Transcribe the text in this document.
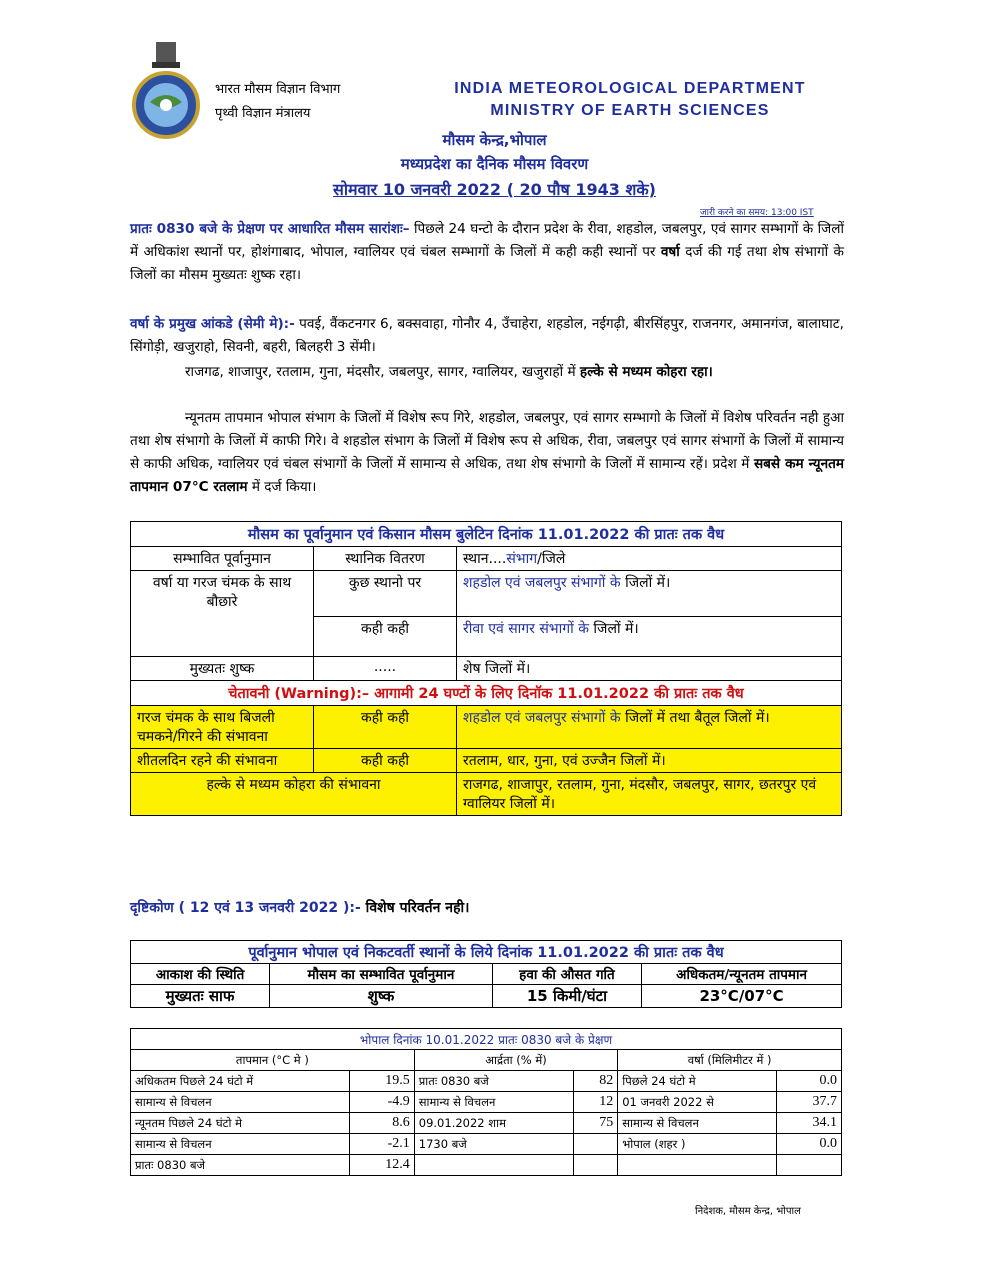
भारत मौसम विज्ञान विभाग
पृथ्वी विज्ञान मंत्रालय
INDIA METEOROLOGICAL DEPARTMENT
MINISTRY OF EARTH SCIENCES
मौसम केन्द्र,भोपाल
मध्यप्रदेश का दैनिक मौसम विवरण
सोमवार 10 जनवरी 2022 ( 20 पौष 1943 शके)
जारी करने का समय: 13:00 IST
प्रातः 0830 बजे के प्रेक्षण पर आधारित मौसम सारांशः– पिछले 24 घन्टो के दौरान प्रदेश के रीवा, शहडोल, जबलपुर, एवं सागर सम्भागों के जिलों में अधिकांश स्थानों पर, होशंगाबाद, भोपाल, ग्वालियर एवं चंबल सम्भागों के जिलों में कही कही स्थानों पर वर्षा दर्ज की गई तथा शेष संभागों के जिलों का मौसम मुख्यतः शुष्क रहा।
वर्षा के प्रमुख आंकडे (सेमी मे):- पवई, वैंकटनगर 6, बक्सवाहा, गोनौर 4, उँचाहेरा, शहडोल, नईगढ़ी, बीरसिंहपुर, राजनगर, अमानगंज, बालाघाट, सिंगोड़ी, खजुराहो, सिवनी, बहरी, बिलहरी 3 सेंमी।
राजगढ, शाजापुर, रतलाम, गुना, मंदसौर, जबलपुर, सागर, ग्वालियर, खजुराहों में हल्के से मध्यम कोहरा रहा।
न्यूनतम तापमान भोपाल संभाग के जिलों में विशेष रूप गिरे, शहडोल, जबलपुर, एवं सागर सम्भागो के जिलों में विशेष परिवर्तन नही हुआ तथा शेष संभागो के जिलों में काफी गिरे। वे शहडोल संभाग के जिलों में विशेष रूप से अधिक, रीवा, जबलपुर एवं सागर संभागों के जिलों में सामान्य से काफी अधिक, ग्वालियर एवं चंबल संभागों के जिलों में सामान्य से अधिक, तथा शेष संभागो के जिलों में सामान्य रहें। प्रदेश में सबसे कम न्यूनतम तापमान 07°C रतलाम में दर्ज किया।
मौसम का पूर्वानुमान एवं किसान मौसम बुलेटिन दिनांक 11.01.2022 की प्रातः तक वैध		
सम्भावित पूर्वानुमान	स्थानिक वितरण	स्थान....संभाग/जिले
वर्षा या गरज चंमक के साथ बौछारे	कुछ स्थानो पर	शहडोल एवं जबलपुर संभागों के जिलों में।
	कही कही	रीवा एवं सागर संभागों के जिलों में।
मुख्यतः शुष्क	.....	शेष जिलों में।
चेतावनी (Warning):– आगामी 24 घण्टों के लिए दिनॉक 11.01.2022 की प्रातः तक वैध		
गरज चंमक के साथ बिजली चमकने/गिरने की संभावना	कही कही	शहडोल एवं जबलपुर संभागों के जिलों में तथा बैतूल जिलों में।
शीतलदिन रहने की संभावना	कही कही	रतलाम, धार, गुना, एवं उज्जैन जिलों में।
हल्के से मध्यम कोहरा की संभावना		राजगढ, शाजापुर, रतलाम, गुना, मंदसौर, जबलपुर, सागर, छतरपुर एवं ग्वालियर जिलों में।
दृष्टिकोण ( 12 एवं 13 जनवरी 2022 ):- विशेष परिवर्तन नही।
पूर्वानुमान भोपाल एवं निकटवर्ती स्थानों के लिये दिनांक 11.01.2022 की प्रातः तक वैध			
आकाश की स्थिति	मौसम का सम्भावित पूर्वानुमान	हवा की औसत गति	अधिकतम/न्यूनतम तापमान
मुख्यतः साफ	शुष्क	15 किमी/घंटा	23°C/07°C
भोपाल दिनांक 10.01.2022 प्रातः 0830 बजे के प्रेक्षण					
तापमान (°C मे )		आर्द्रता (% में)		वर्षा (मिलिमीटर में )	
अधिकतम पिछले 24 घंटो में	19.5	प्रातः 0830 बजे	82	पिछले 24 घंटो मे	0.0
सामान्य से विचलन	-4.9	सामान्य से विचलन	12	01 जनवरी 2022 से	37.7
न्यूनतम पिछले 24 घंटो मे	8.6	09.01.2022 शाम	75	सामान्य से विचलन	34.1
सामान्य से विचलन	-2.1	1730 बजे		भोपाल (शहर )	0.0
प्रातः 0830 बजे	12.4				
निदेशक, मौसम केन्द्र, भोपाल
